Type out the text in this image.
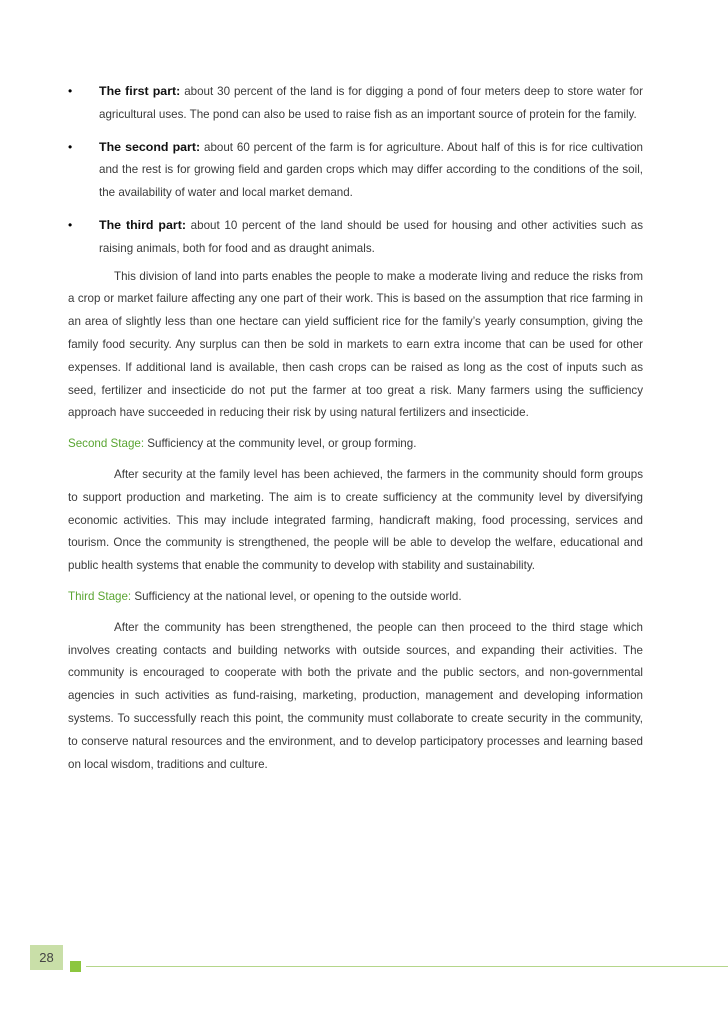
• The first part: about 30 percent of the land is for digging a pond of four meters deep to store water for agricultural uses. The pond can also be used to raise fish as an important source of protein for the family.
• The second part: about 60 percent of the farm is for agriculture. About half of this is for rice cultivation and the rest is for growing field and garden crops which may differ according to the conditions of the soil, the availability of water and local market demand.
• The third part: about 10 percent of the land should be used for housing and other activities such as raising animals, both for food and as draught animals.

This division of land into parts enables the people to make a moderate living and reduce the risks from a crop or market failure affecting any one part of their work. This is based on the assumption that rice farming in an area of slightly less than one hectare can yield sufficient rice for the family’s yearly consumption, giving the family food security. Any surplus can then be sold in markets to earn extra income that can be used for other expenses. If additional land is available, then cash crops can be raised as long as the cost of inputs such as seed, fertilizer and insecticide do not put the farmer at too great a risk. Many farmers using the sufficiency approach have succeeded in reducing their risk by using natural fertilizers and insecticide.

Second Stage: Sufficiency at the community level, or group forming.

After security at the family level has been achieved, the farmers in the community should form groups to support production and marketing. The aim is to create sufficiency at the community level by diversifying economic activities. This may include integrated farming, handicraft making, food processing, services and tourism. Once the community is strengthened, the people will be able to develop the welfare, educational and public health systems that enable the community to develop with stability and sustainability.

Third Stage: Sufficiency at the national level, or opening to the outside world.

After the community has been strengthened, the people can then proceed to the third stage which involves creating contacts and building networks with outside sources, and expanding their activities. The community is encouraged to cooperate with both the private and the public sectors, and non-governmental agencies in such activities as fund-raising, marketing, production, management and developing information systems. To successfully reach this point, the community must collaborate to create security in the community, to conserve natural resources and the environment, and to develop participatory processes and learning based on local wisdom, traditions and culture.

28
